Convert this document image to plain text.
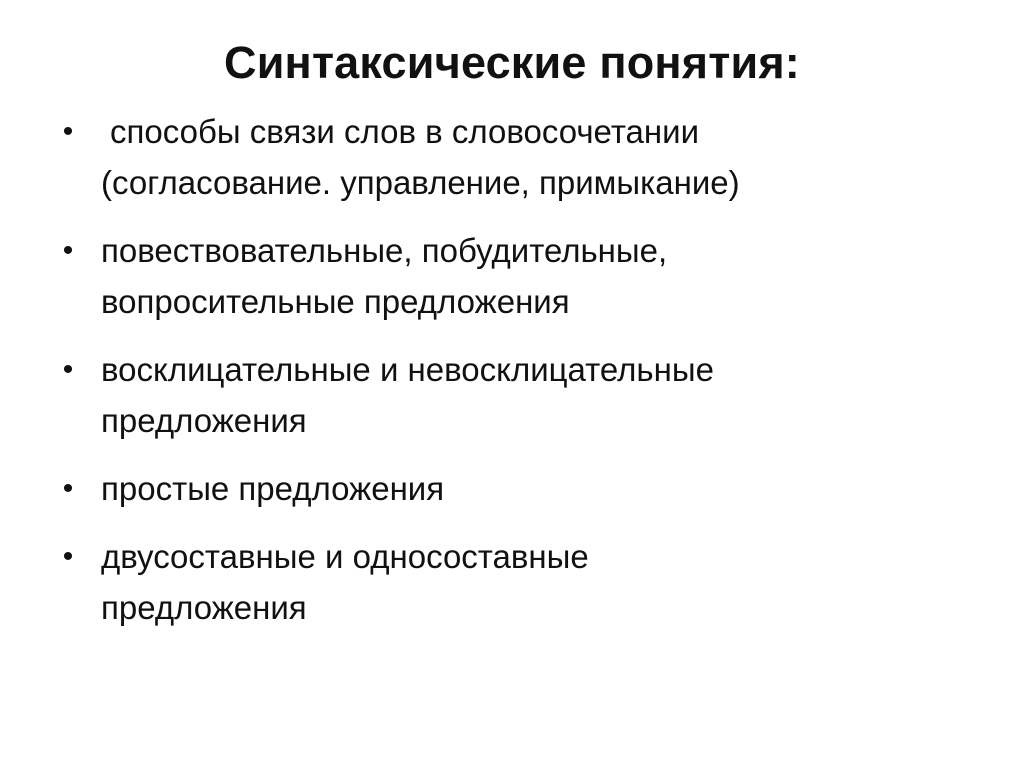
Синтаксические понятия:
• способы связи слов в словосочетании
(согласование. управление, примыкание)
• повествовательные, побудительные,
вопросительные предложения
• восклицательные и невосклицательные
предложения
• простые предложения
• двусоставные и односоставные
предложения
